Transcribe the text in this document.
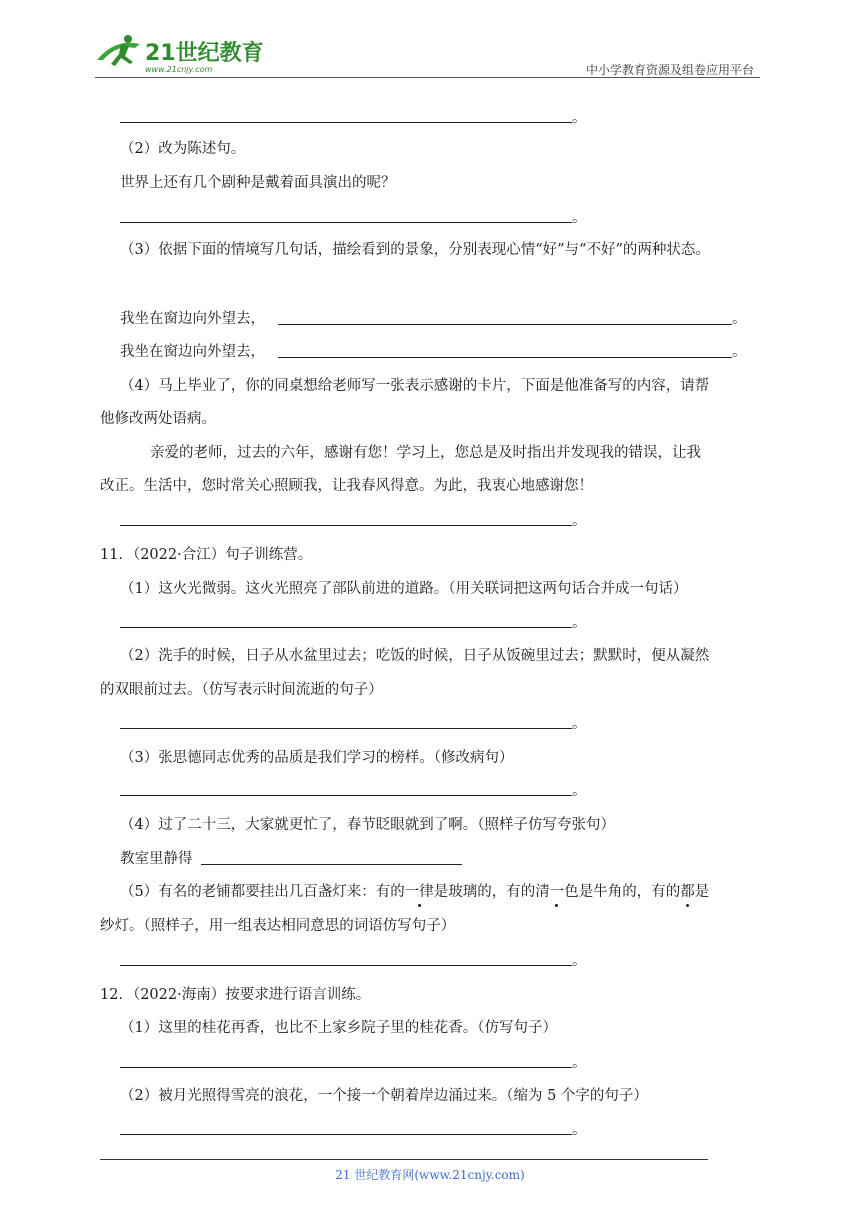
21世纪教育
www.21cnjy.com	中小学教育资源及组卷应用平台
。
（2）改为陈述句。
世界上还有几个剧种是戴着面具演出的呢？
。
（3）依据下面的情境写几句话，描绘看到的景象，分别表现心情“好”与“不好”的两种状态。
我坐在窗边向外望去，	。
我坐在窗边向外望去，	。
（4）马上毕业了，你的同桌想给老师写一张表示感谢的卡片，下面是他准备写的内容，请帮
他修改两处语病。
亲爱的老师，过去的六年，感谢有您！学习上，您总是及时指出并发现我的错误，让我
改正。生活中，您时常关心照顾我，让我春风得意。为此，我衷心地感谢您！
。
11．（2022·合江）句子训练营。
（1）这火光微弱。这火光照亮了部队前进的道路。（用关联词把这两句话合并成一句话）
。
（2）洗手的时候，日子从水盆里过去；吃饭的时候，日子从饭碗里过去；默默时，便从凝然
的双眼前过去。（仿写表示时间流逝的句子）
。
（3）张思德同志优秀的品质是我们学习的榜样。（修改病句）
。
（4）过了二十三，大家就更忙了，春节眨眼就到了啊。（照样子仿写夸张句）
教室里静得
（5）有名的老铺都要挂出几百盏灯来：有的一律是玻璃的，有的清一色是牛角的，有的都是
纱灯。（照样子，用一组表达相同意思的词语仿写句子）
。
12．（2022·海南）按要求进行语言训练。
（1）这里的桂花再香，也比不上家乡院子里的桂花香。（仿写句子）
。
（2）被月光照得雪亮的浪花，一个接一个朝着岸边涌过来。（缩为 5 个字的句子）
。
21 世纪教育网(www.21cnjy.com)
